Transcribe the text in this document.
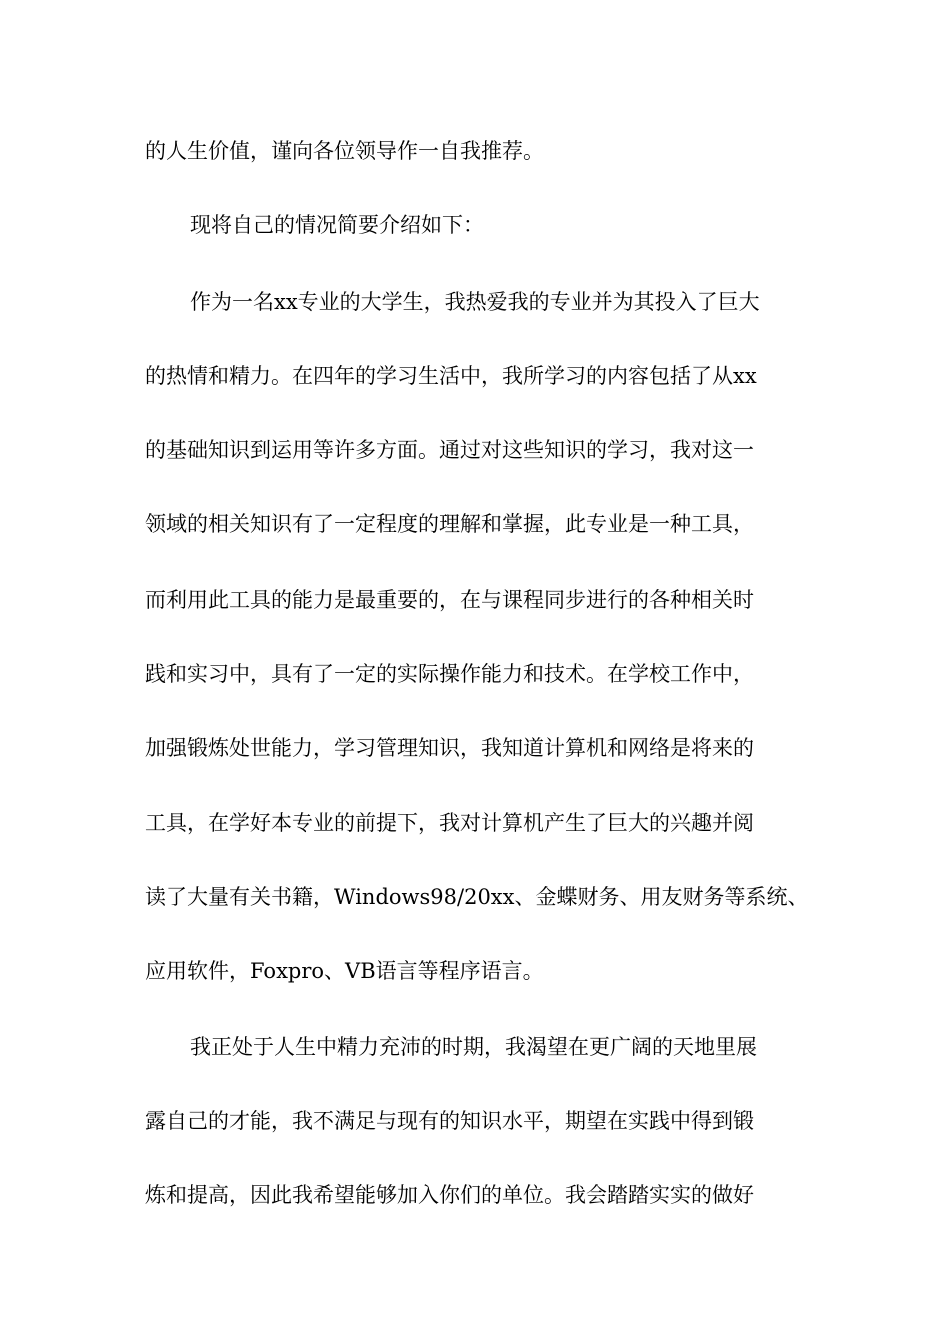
的人生价值，谨向各位领导作一自我推荐。
现将自己的情况简要介绍如下：
作为一名xx专业的大学生，我热爱我的专业并为其投入了巨大
的热情和精力。在四年的学习生活中，我所学习的内容包括了从xx
的基础知识到运用等许多方面。通过对这些知识的学习，我对这一
领域的相关知识有了一定程度的理解和掌握，此专业是一种工具，
而利用此工具的能力是最重要的，在与课程同步进行的各种相关时
践和实习中，具有了一定的实际操作能力和技术。在学校工作中，
加强锻炼处世能力，学习管理知识，我知道计算机和网络是将来的
工具，在学好本专业的前提下，我对计算机产生了巨大的兴趣并阅
读了大量有关书籍，Windows98/20xx、金蝶财务、用友财务等系统、
应用软件，Foxpro、VB语言等程序语言。
我正处于人生中精力充沛的时期，我渴望在更广阔的天地里展
露自己的才能，我不满足与现有的知识水平，期望在实践中得到锻
炼和提高，因此我希望能够加入你们的单位。我会踏踏实实的做好
